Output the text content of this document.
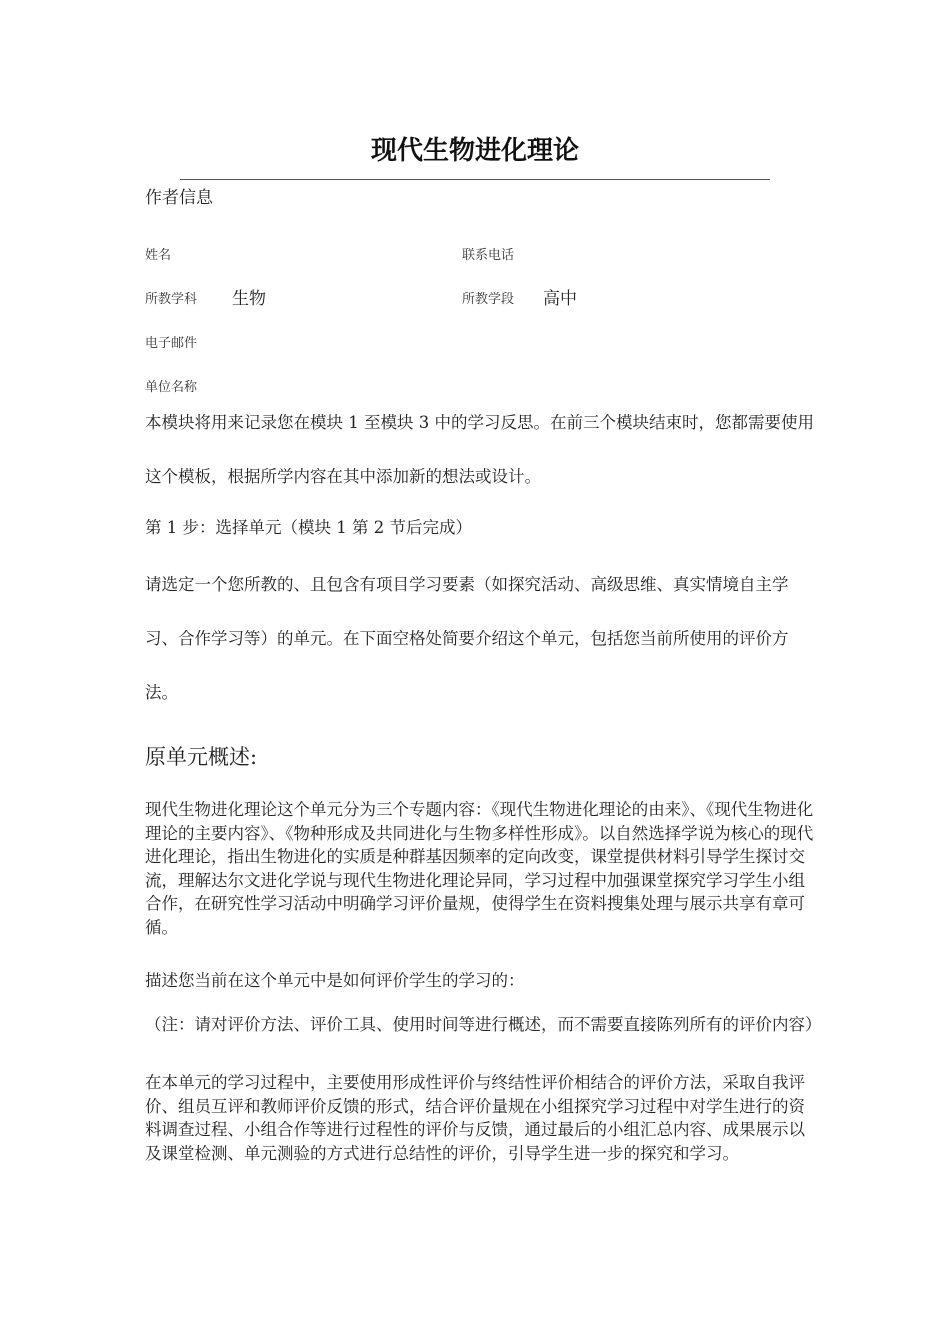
现代生物进化理论
作者信息
姓名	联系电话
所教学科 生物	所教学段 高中
电子邮件
单位名称
本模块将用来记录您在模块 1 至模块 3 中的学习反思。在前三个模块结束时，您都需要使用这个模板，根据所学内容在其中添加新的想法或设计。
第 1 步：选择单元（模块 1 第 2 节后完成）
请选定一个您所教的、且包含有项目学习要素（如探究活动、高级思维、真实情境自主学习、合作学习等）的单元。在下面空格处简要介绍这个单元，包括您当前所使用的评价方法。
原单元概述:
现代生物进化理论这个单元分为三个专题内容：《现代生物进化理论的由来》、《现代生物进化理论的主要内容》、《物种形成及共同进化与生物多样性形成》。以自然选择学说为核心的现代进化理论，指出生物进化的实质是种群基因频率的定向改变，课堂提供材料引导学生探讨交流，理解达尔文进化学说与现代生物进化理论异同，学习过程中加强课堂探究学习学生小组合作，在研究性学习活动中明确学习评价量规，使得学生在资料搜集处理与展示共享有章可循。
描述您当前在这个单元中是如何评价学生的学习的：
（注：请对评价方法、评价工具、使用时间等进行概述，而不需要直接陈列所有的评价内容）
在本单元的学习过程中，主要使用形成性评价与终结性评价相结合的评价方法，采取自我评价、组员互评和教师评价反馈的形式，结合评价量规在小组探究学习过程中对学生进行的资料调查过程、小组合作等进行过程性的评价与反馈，通过最后的小组汇总内容、成果展示以及课堂检测、单元测验的方式进行总结性的评价，引导学生进一步的探究和学习。
